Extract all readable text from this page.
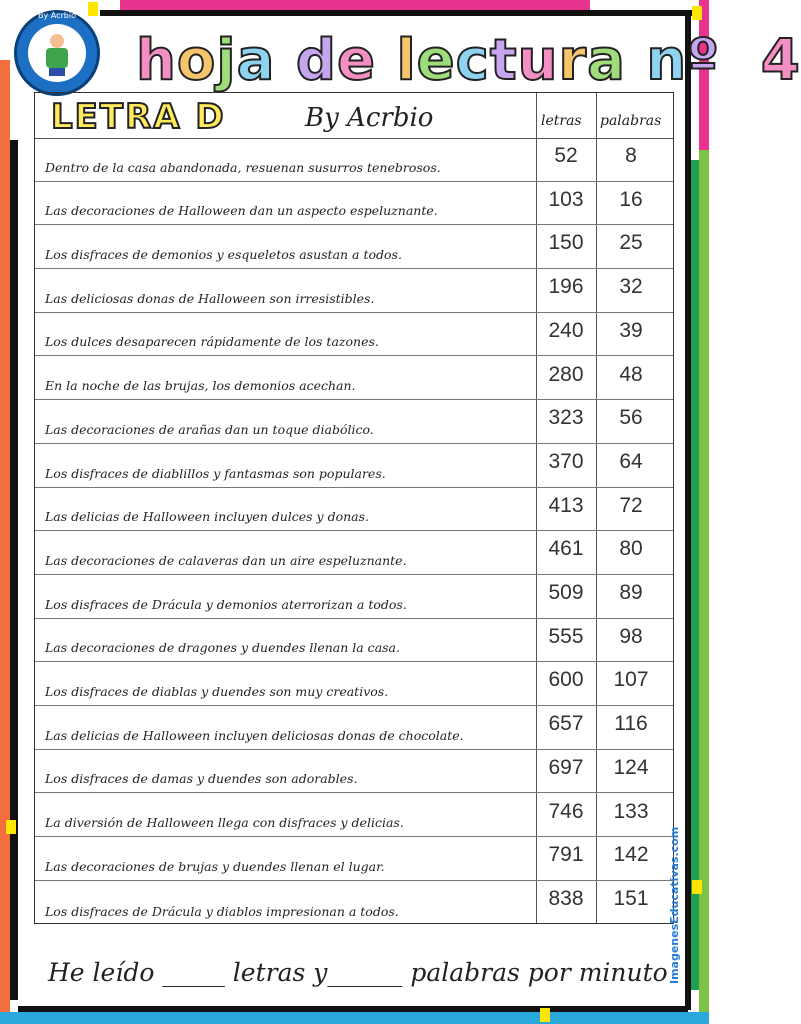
By Acrbio
hoja de lectura nº 4
LETRA D	By Acrbio	letras palabras
Dentro de la casa abandonada, resuenan susurros tenebrosos.
52	8
Las decoraciones de Halloween dan un aspecto espeluznante.
103	16
Los disfraces de demonios y esqueletos asustan a todos.
150	25
Las deliciosas donas de Halloween son irresistibles.
196	32
Los dulces desaparecen rápidamente de los tazones.
240	39
En la noche de las brujas, los demonios acechan.
280	48
Las decoraciones de arañas dan un toque diabólico.
323	56
Los disfraces de diablillos y fantasmas son populares.
370	64
Las delicias de Halloween incluyen dulces y donas.
413	72
Las decoraciones de calaveras dan un aire espeluznante.
461	80
Los disfraces de Drácula y demonios aterrorizan a todos.
509	89
Las decoraciones de dragones y duendes llenan la casa.
555	98
Los disfraces de diablas y duendes son muy creativos.
600	107
Las delicias de Halloween incluyen deliciosas donas de chocolate.
657	116
Los disfraces de damas y duendes son adorables.
697	124
La diversión de Halloween llega con disfraces y delicias.
746	133
Las decoraciones de brujas y duendes llenan el lugar.
791	142
Los disfraces de Drácula y diablos impresionan a todos.
838	151
He leído _____ letras y______ palabras por minuto ImagenesEducativas.com
